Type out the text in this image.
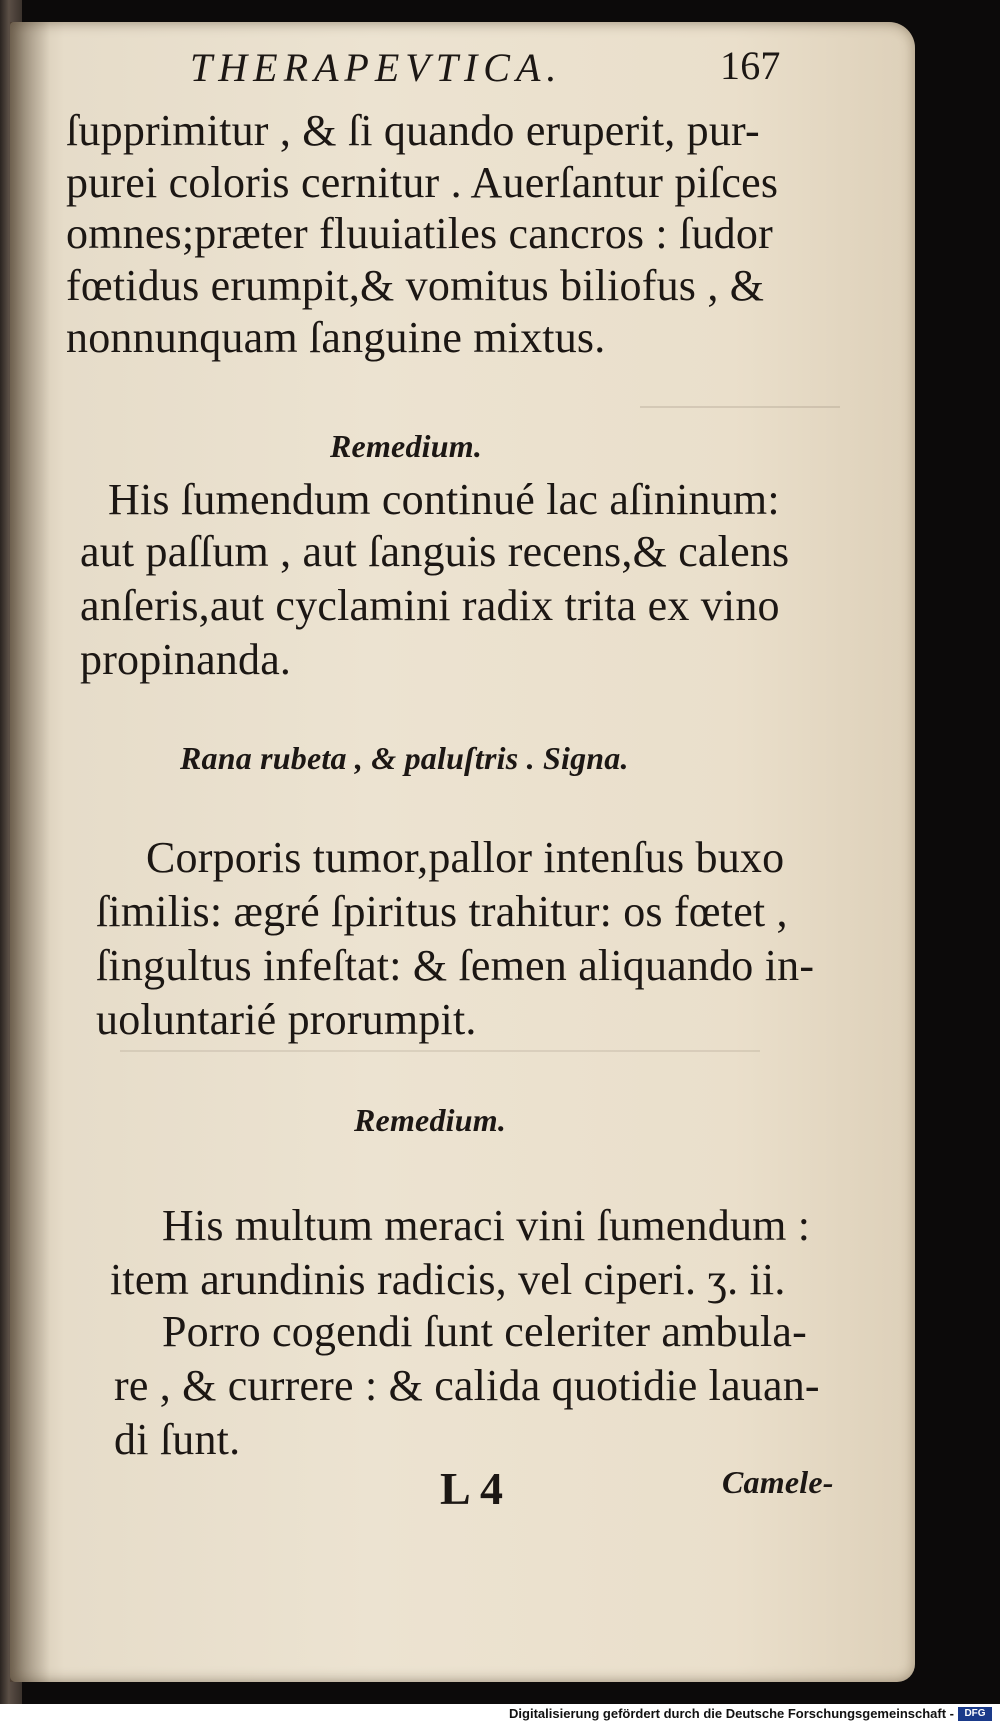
THERAPEVTICA.	167
ſupprimitur , & ſi quando eruperit, pur-
purei coloris cernitur . Auerſantur piſces
omnes;præter fluuiatiles cancros : ſudor
fœtidus erumpit,& vomitus biliofus , &
nonnunquam ſanguine mixtus.
Remedium.
His ſumendum continué lac aſininum:
aut paſſum , aut ſanguis recens,& calens
anſeris,aut cyclamini radix trita ex vino
propinanda.
Rana rubeta , & paluſtris . Signa.
Corporis tumor,pallor intenſus buxo
ſimilis: ægré ſpiritus trahitur: os fœtet ,
ſingultus infeſtat: & ſemen aliquando in-
uoluntarié prorumpit.
Remedium.
His multum meraci vini ſumendum :
item arundinis radicis, vel ciperi. ʒ. ii.
Porro cogendi ſunt celeriter ambula-
re , & currere : & calida quotidie lauan-
di ſunt.
L 4	Camele-
Digitalisierung gefördert durch die Deutsche Forschungsgemeinschaft -	DFG
